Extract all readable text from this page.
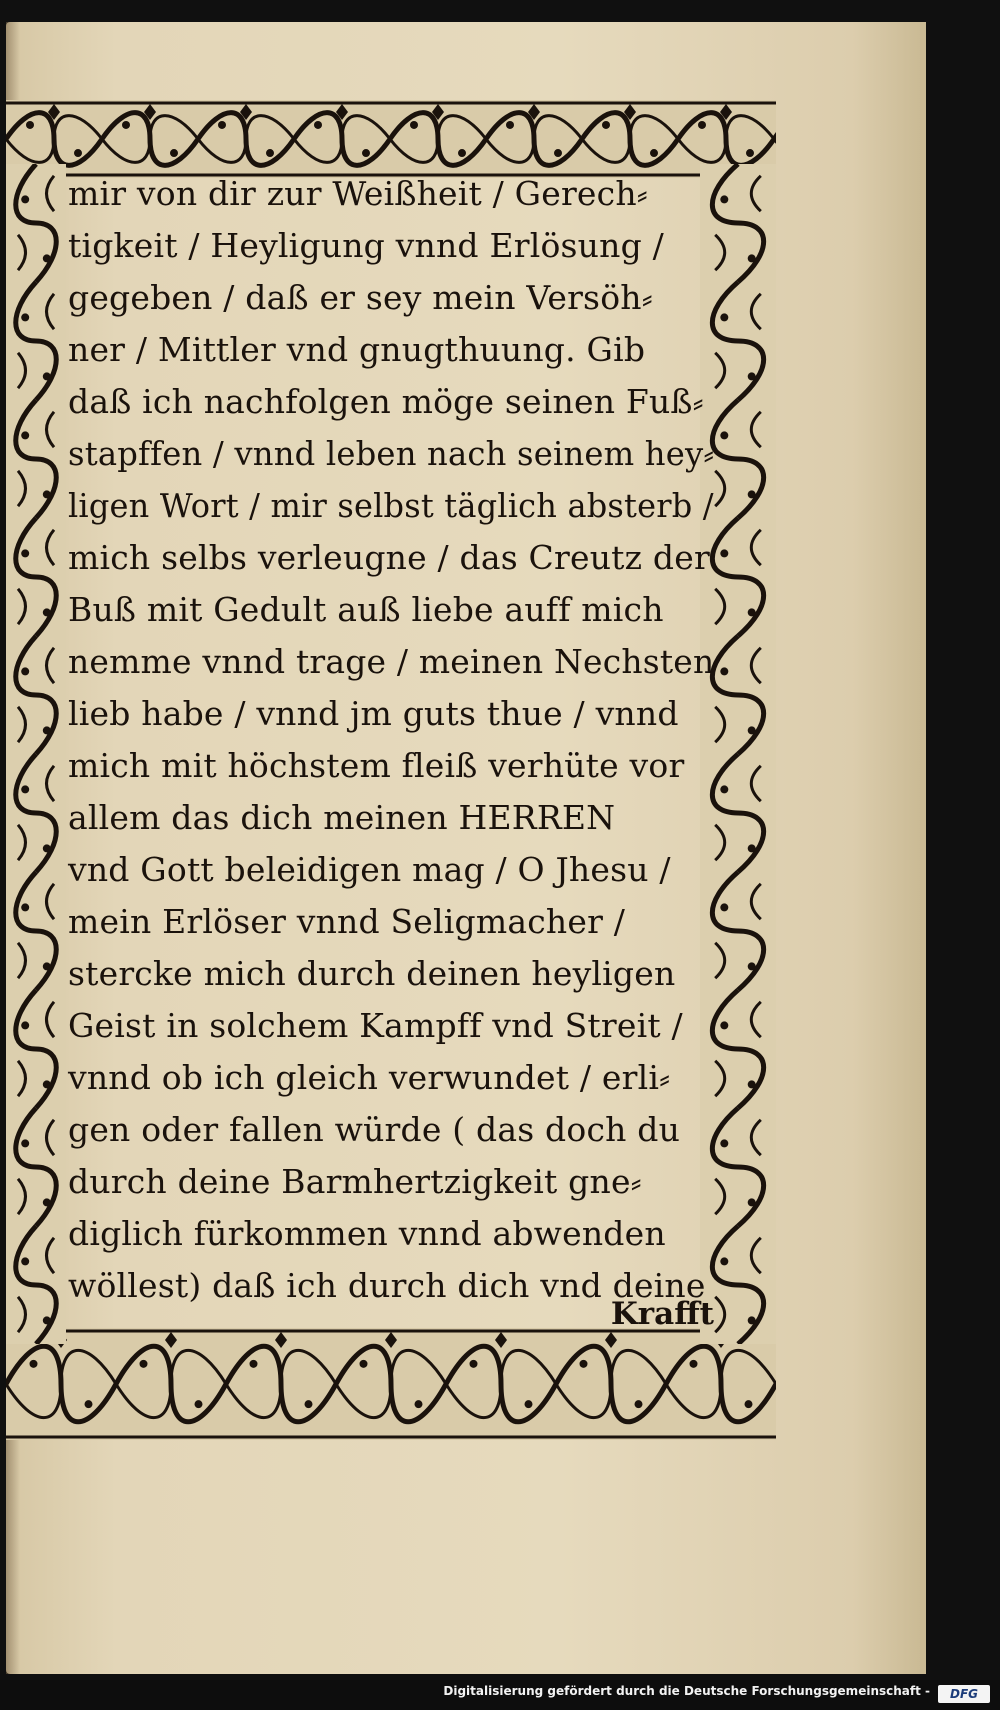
mir von dir zur Weißheit / Gerech⸗
tigkeit / Heyligung vnnd Erlösung /
gegeben / daß er sey mein Versöh⸗
ner / Mittler vnd gnugthuung. Gib
daß ich nachfolgen möge seinen Fuß⸗
stapffen / vnnd leben nach seinem hey⸗
ligen Wort / mir selbst täglich absterb /
mich selbs verleugne / das Creutz der
Buß mit Gedult auß liebe auff mich
nemme vnnd trage / meinen Nechsten
lieb habe / vnnd jm guts thue / vnnd
mich mit höchstem fleiß verhüte vor
allem das dich meinen HERREN
vnd Gott beleidigen mag / O Jhesu /
mein Erlöser vnnd Seligmacher /
stercke mich durch deinen heyligen
Geist in solchem Kampff vnd Streit /
vnnd ob ich gleich verwundet / erli⸗
gen oder fallen würde ( das doch du
durch deine Barmhertzigkeit gne⸗
diglich fürkommen vnnd abwenden
wöllest) daß ich durch dich vnd deine
Krafft
Digitalisierung gefördert durch die Deutsche Forschungsgemeinschaft -	DFG
